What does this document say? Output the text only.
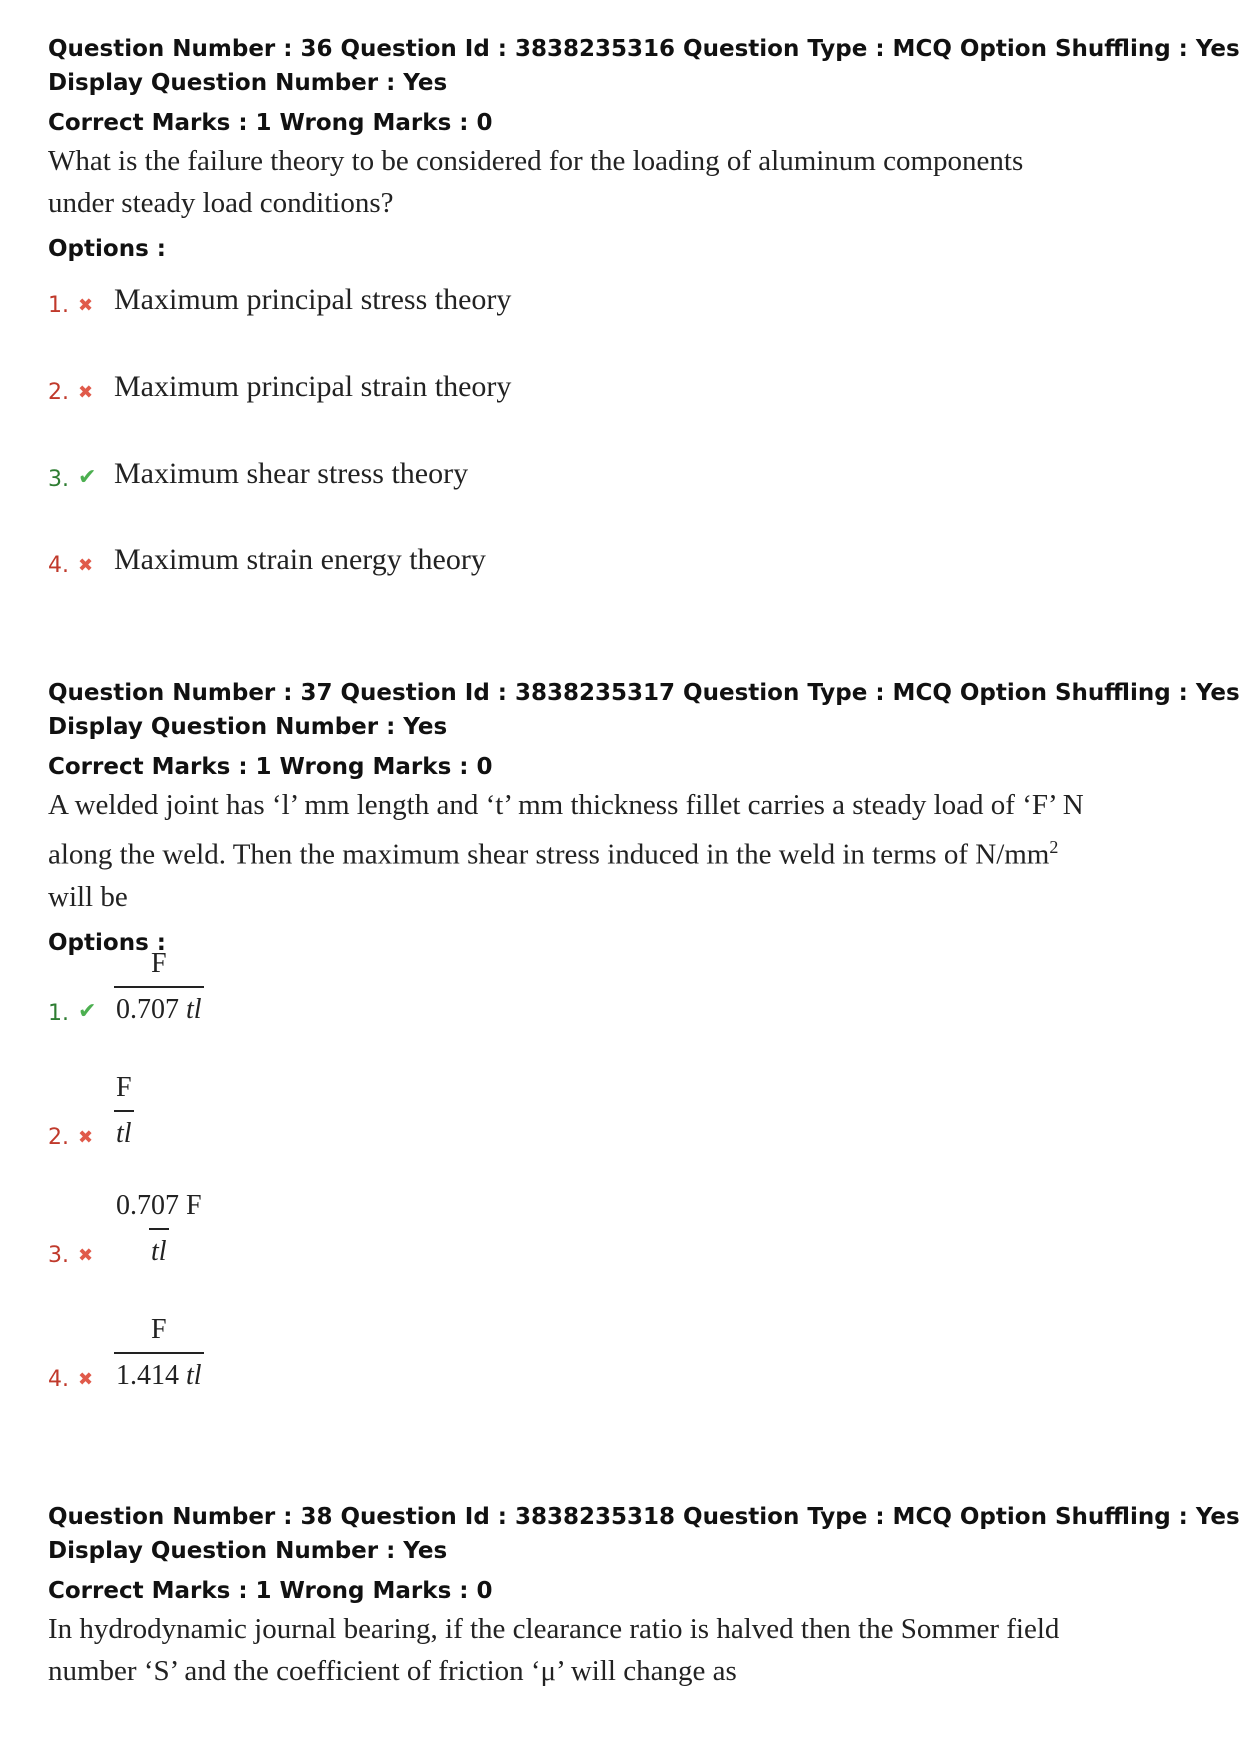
Question Number : 36 Question Id : 3838235316 Question Type : MCQ Option Shuffling : Yes
Display Question Number : Yes
Correct Marks : 1 Wrong Marks : 0
What is the failure theory to be considered for the loading of aluminum components
under steady load conditions?
Options :
1. ✖ Maximum principal stress theory
2. ✖ Maximum principal strain theory
3. ✔ Maximum shear stress theory
4. ✖ Maximum strain energy theory
Question Number : 37 Question Id : 3838235317 Question Type : MCQ Option Shuffling : Yes
Display Question Number : Yes
Correct Marks : 1 Wrong Marks : 0
A welded joint has ‘l’ mm length and ‘t’ mm thickness fillet carries a steady load of ‘F’ N
along the weld. Then the maximum shear stress induced in the weld in terms of $N/mm^2$
will be
Options :
1. ✔ $\frac{F}{0.707 tl}$
2. ✖ $\frac{F}{tl}$
3. ✖ $\frac{0.707 F}{tl}$
4. ✖ $\frac{F}{1.414 tl}$
Question Number : 38 Question Id : 3838235318 Question Type : MCQ Option Shuffling : Yes
Display Question Number : Yes
Correct Marks : 1 Wrong Marks : 0
In hydrodynamic journal bearing, if the clearance ratio is halved then the Sommer field
number ‘S’ and the coefficient of friction ‘μ’ will change as
